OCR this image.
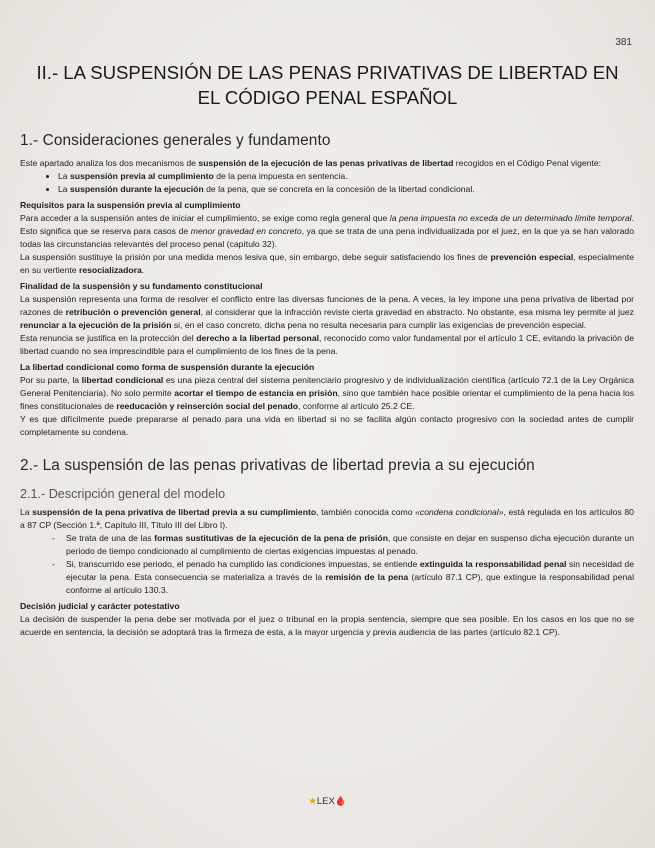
381
II.- LA SUSPENSIÓN DE LAS PENAS PRIVATIVAS DE LIBERTAD EN
EL CÓDIGO PENAL ESPAÑOL
1.- Consideraciones generales y fundamento

Este apartado analiza los dos mecanismos de suspensión de la ejecución de las penas privativas de libertad recogidos en el Código Penal vigente:

• La suspensión previa al cumplimiento de la pena impuesta en sentencia.
• La suspensión durante la ejecución de la pena, que se concreta en la concesión de la libertad condicional.
Requisitos para la suspensión previa al cumplimiento

Para acceder a la suspensión antes de iniciar el cumplimiento, se exige como regla general que la pena impuesta no exceda de un determinado límite temporal. Esto significa que se reserva para casos de menor gravedad en concreto, ya que se trata de una pena individualizada por el juez, en la que ya se han valorado todas las circunstancias relevantes del proceso penal (capítulo 32).

La suspensión sustituye la prisión por una medida menos lesiva que, sin embargo, debe seguir satisfaciendo los fines de prevención especial, especialmente en su vertiente resocializadora.

Finalidad de la suspensión y su fundamento constitucional

La suspensión representa una forma de resolver el conflicto entre las diversas funciones de la pena. A veces, la ley impone una pena privativa de libertad por razones de retribución o prevención general, al considerar que la infracción reviste cierta gravedad en abstracto. No obstante, esa misma ley permite al juez renunciar a la ejecución de la prisión si, en el caso concreto, dicha pena no resulta necesaria para cumplir las exigencias de prevención especial.

Esta renuncia se justifica en la protección del derecho a la libertad personal, reconocido como valor fundamental por el artículo 1 CE, evitando la privación de libertad cuando no sea imprescindible para el cumplimiento de los fines de la pena.

La libertad condicional como forma de suspensión durante la ejecución

Por su parte, la libertad condicional es una pieza central del sistema penitenciario progresivo y de individualización científica (artículo 72.1 de la Ley Orgánica General Penitenciaria). No solo permite acortar el tiempo de estancia en prisión, sino que también hace posible orientar el cumplimiento de la pena hacia los fines constitucionales de reeducación y reinserción social del penado, conforme al artículo 25.2 CE.

Y es que difícilmente puede prepararse al penado para una vida en libertad si no se facilita algún contacto progresivo con la sociedad antes de cumplir completamente su condena.

2.- La suspensión de las penas privativas de libertad previa a su ejecución
2.1.- Descripción general del modelo

La suspensión de la pena privativa de libertad previa a su cumplimiento, también conocida como «condena condicional», está regulada en los artículos 80 a 87 CP (Sección 1.ª, Capítulo III, Título III del Libro I).

- Se trata de una de las formas sustitutivas de la ejecución de la pena de prisión, que consiste en dejar en suspenso dicha ejecución durante un periodo de tiempo condicionado al cumplimiento de ciertas exigencias impuestas al penado.
- Si, transcurrido ese periodo, el penado ha cumplido las condiciones impuestas, se entiende extinguida la responsabilidad penal sin necesidad de ejecutar la pena. Esta consecuencia se materializa a través de la remisión de la pena (artículo 87.1 CP), que extingue la responsabilidad penal conforme al artículo 130.3.
Decisión judicial y carácter potestativo

La decisión de suspender la pena debe ser motivada por el juez o tribunal en la propia sentencia, siempre que sea posible. En los casos en los que no se acuerde en sentencia, la decisión se adoptará tras la firmeza de esta, a la mayor urgencia y previa audiencia de las partes (artículo 82.1 CP).

★LEX🩸
